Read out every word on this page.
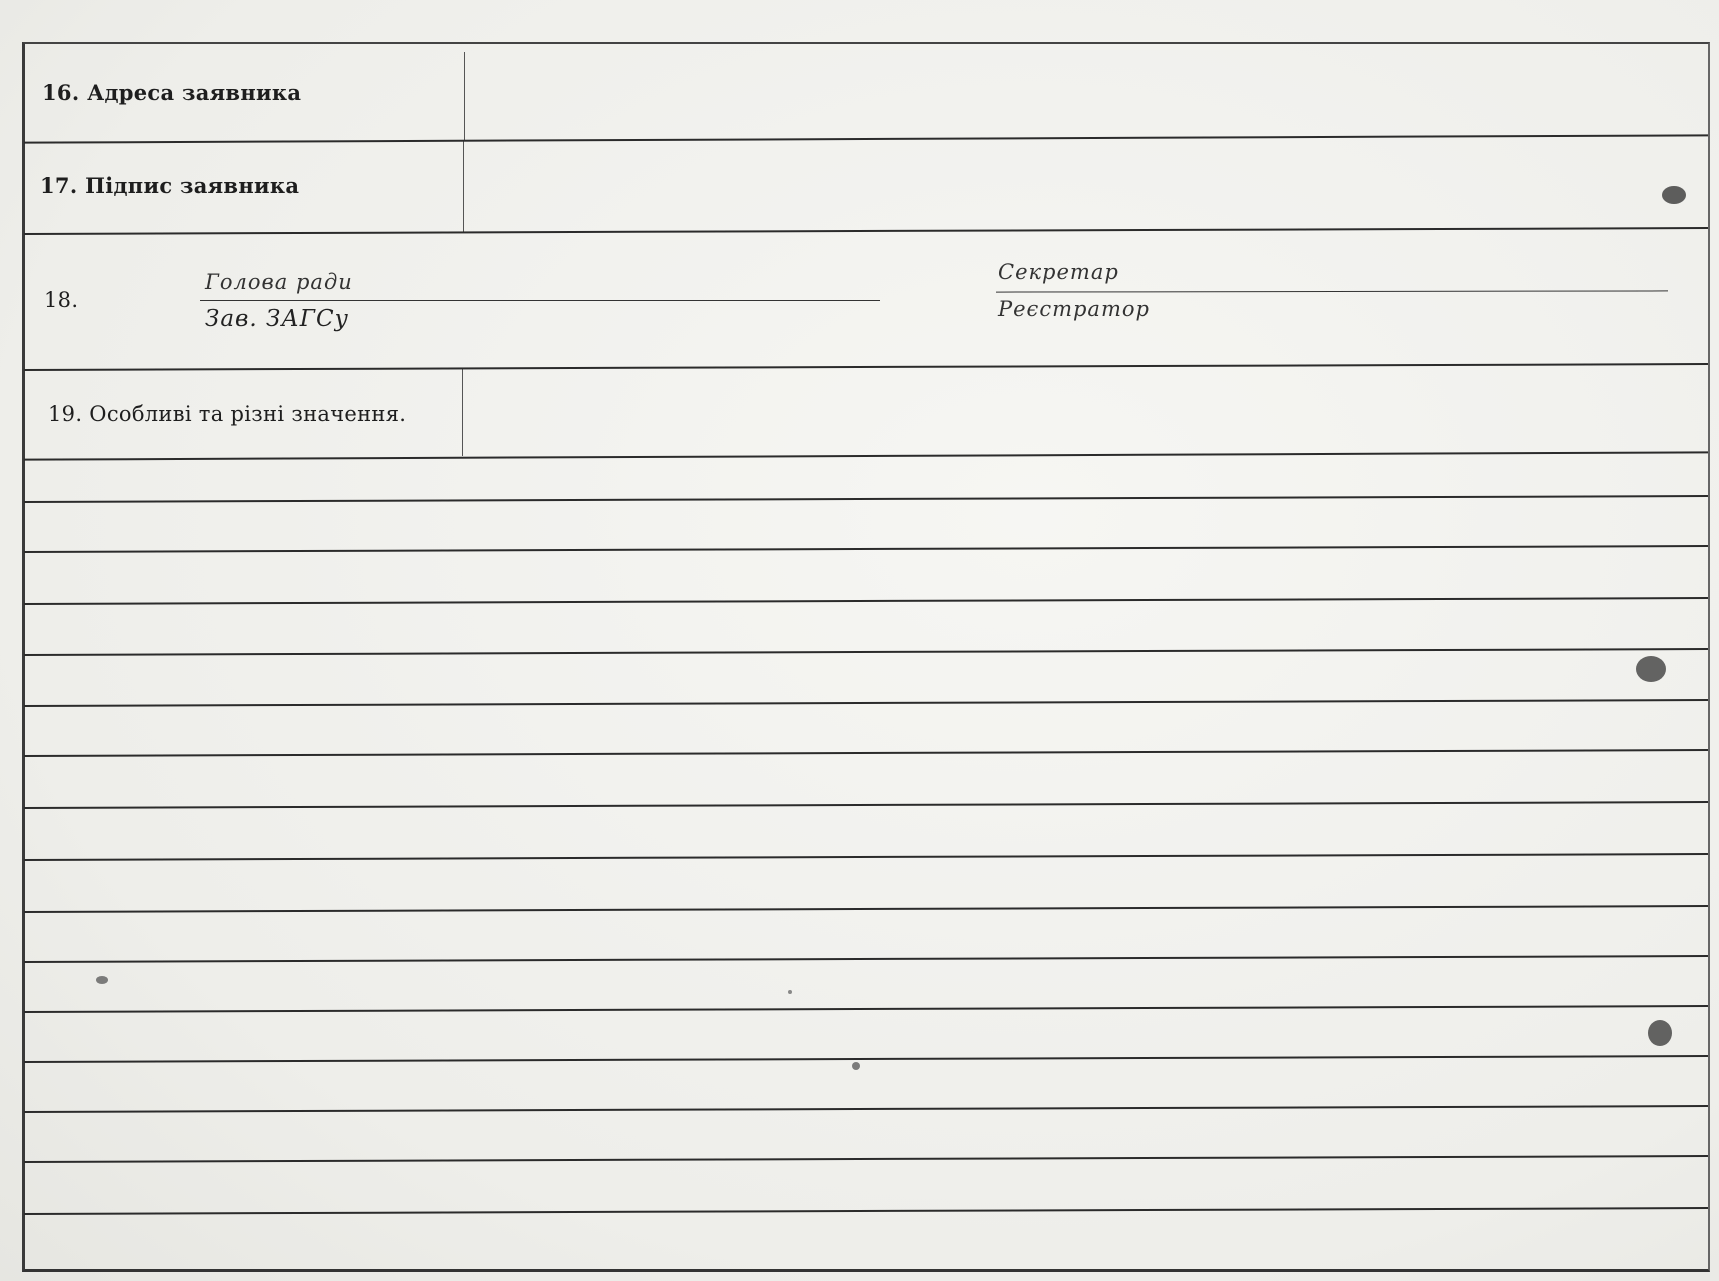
16. Адреса заявника
17. Підпис заявника
18.
Голова ради
Зав. ЗАГСу
Секретар
Реєстратор
19. Особливі та різні значення.
